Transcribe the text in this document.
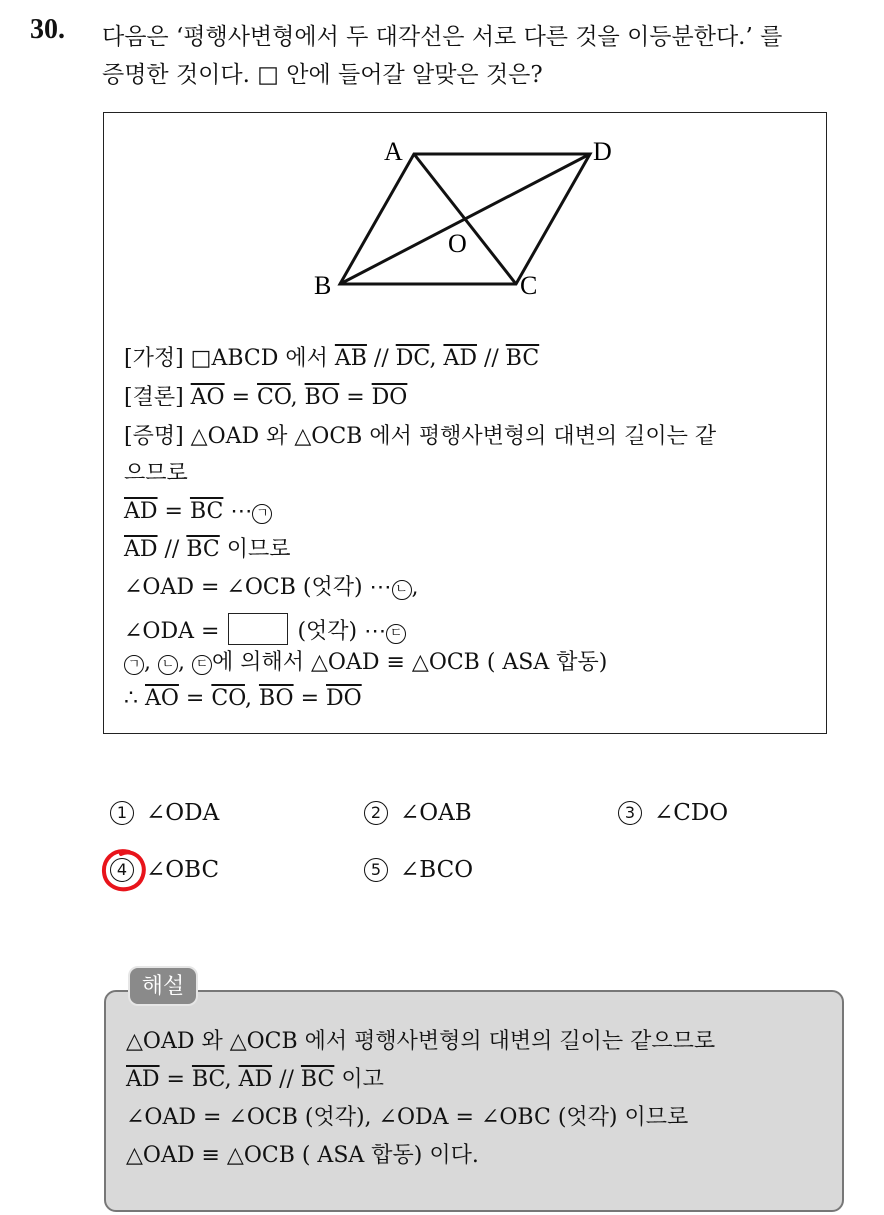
30. 다음은 ‘평행사변형에서 두 대각선은 서로 다른 것을 이등분한다.’ 를
증명한 것이다. □ 안에 들어갈 알맞은 것은?
A	D
B	C
O
[가정] □ABCD 에서 $\overline{AB} // \overline{DC}$, $\overline{AD} // \overline{BC}$
[결론] $\overline{AO} = \overline{CO}$, $\overline{BO} = \overline{DO}$
[증명] △OAD 와 △OCB 에서 평행사변형의 대변의 길이는 같
으므로
$\overline{AD} = \overline{BC}$ ⋯ ㄱ
$\overline{AD} // \overline{BC}$ 이므로
∠OAD = ∠OCB (엇각) ⋯ ㄴ ,
∠ODA =	(엇각) ⋯ ㄷ
ㄱ , ㄴ , ㄷ 에 의해서 △OAD ≡ △OCB ( ASA 합동)
∴ $\overline{AO} = \overline{CO}$, $\overline{BO} = \overline{DO}$
1 ∠ODA	2 ∠OAB	3 ∠CDO
4 ∠OBC	5 ∠BCO
해설
△OAD 와 △OCB 에서 평행사변형의 대변의 길이는 같으므로
$\overline{AD} = \overline{BC}$, $\overline{AD} // \overline{BC}$ 이고
∠OAD = ∠OCB (엇각), ∠ODA = ∠OBC (엇각) 이므로
△OAD ≡ △OCB ( ASA 합동) 이다.
